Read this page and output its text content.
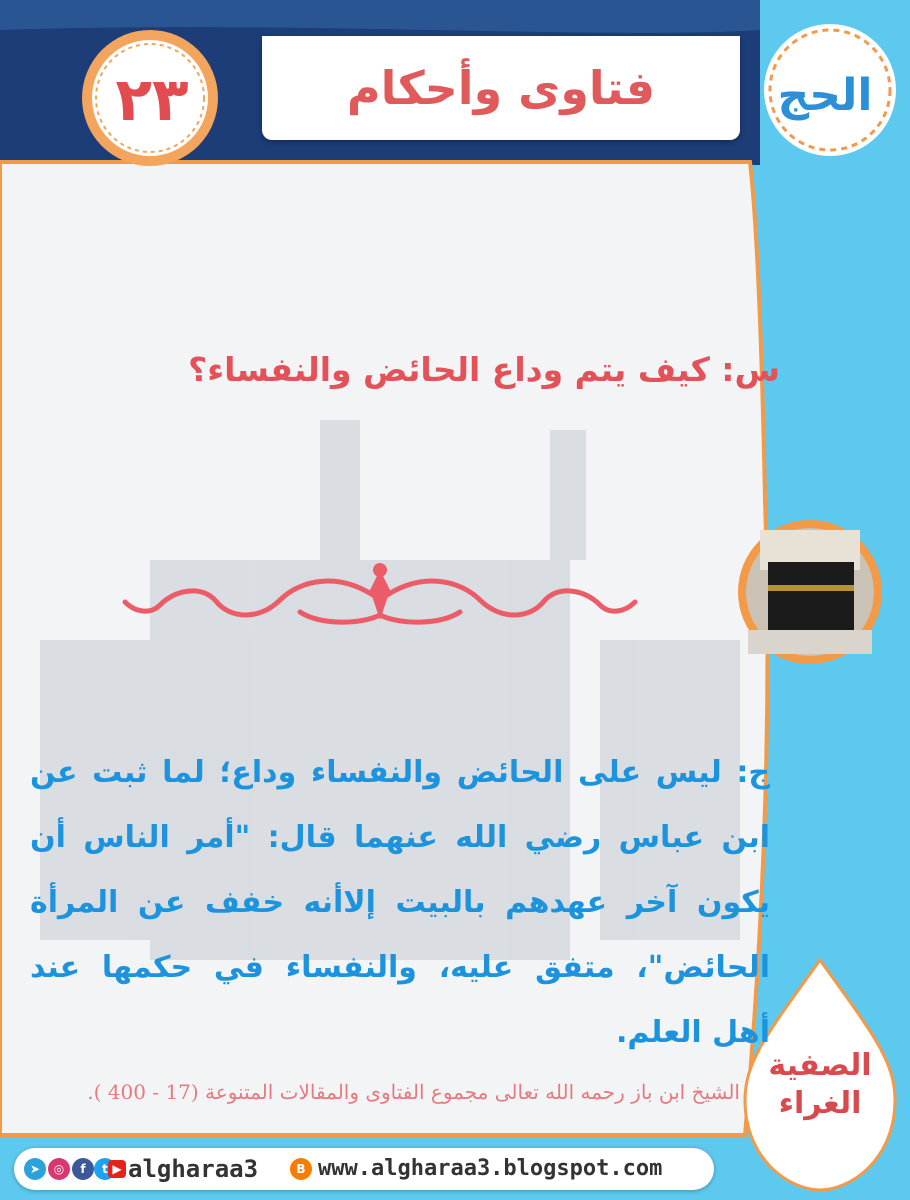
فتاوى وأحكام
٢٣	الحج
س: كيف يتم وداع الحائض والنفساء؟
ج: ليس على الحائض والنفساء وداع؛ لما ثبت عن ابن عباس رضي الله عنهما قال: "أمر الناس أن يكون آخر عهدهم بالبيت إلاأنه خفف عن المرأة الحائض"، متفق عليه، والنفساء في حكمها عند أهل العلم.
الشيخ ابن باز رحمه الله تعالى مجموع الفتاوى والمقالات المتنوعة (17 - 400 ).
الصفية
الغراء
➤	◎	f	t ▶ algharaa3	B www.algharaa3.blogspot.com
